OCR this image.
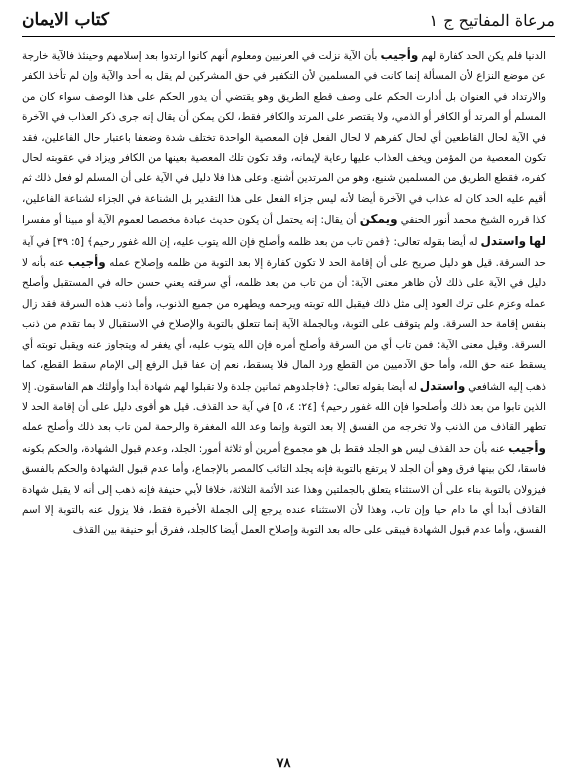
كتاب الايمان	مرعاة المفاتيح ج ١

الدنيا فلم يكن الحد كفارة لهم وأجيب بأن الآية نزلت في العرنيين ومعلوم أنهم كانوا ارتدوا بعد إسلامهم وحينئذ فالآية خارجة عن موضع النزاع لأن المسألة إنما كانت في المسلمين لأن التكفير في حق المشركين لم يقل به أحد والآية وإن لم تأخذ الكفر والارتداد في العنوان بل أدارت الحكم على وصف قطع الطريق وهو يقتضي أن يدور الحكم على هذا الوصف سواء كان من المسلم أو المرتد أو الكافر أو الذمي، ولا يقتصر على المرتد والكافر فقط، لكن يمكن أن يقال إنه جرى ذكر العذاب في الآخرة في الآية لحال القاطعين أي لحال كفرهم لا لحال الفعل فإن المعصية الواحدة تختلف شدة وضعفا باعتبار حال الفاعلين، فقد تكون المعصية من المؤمن ويخف العذاب عليها رعاية لإيمانه، وقد تكون تلك المعصية بعينها من الكافر ويزاد في عقوبته لحال كفره، فقطع الطريق من المسلمين شنيع، وهو من المرتدين أشنع. وعلى هذا فلا دليل في الآية على أن المسلم لو فعل ذلك ثم أقيم عليه الحد كان له عذاب في الآخرة أيضا لأنه ليس جزاء الفعل على هذا التقدير بل الشناعة في الجزاء لشناعة الفاعلين، كذا قرره الشيخ محمد أنور الحنفي ويمكن أن يقال: إنه يحتمل أن يكون حديث عبادة مخصصا لعموم الآية أو مبينا أو مفسرا لها واستدل له أيضا بقوله تعالى: ﴿فمن تاب من بعد ظلمه وأصلح فإن الله يتوب عليه، إن الله غفور رحيم﴾ [٥: ٣٩] في آية حد السرقة. قيل هو دليل صريح على أن إقامة الحد لا تكون كفارة إلا بعد التوبة من ظلمه وإصلاح عمله وأجيب عنه بأنه لا دليل في الآية على ذلك لأن ظاهر معنى الآية: أن من تاب من بعد ظلمه، أي سرقته يعني حسن حاله في المستقبل وأصلح عمله وعزم على ترك العود إلى مثل ذلك فيقبل الله توبته ويرحمه ويطهره من جميع الذنوب، وأما ذنب هذه السرقة فقد زال بنفس إقامة حد السرقة. ولم يتوقف على التوبة، وبالجملة الآية إنما تتعلق بالتوبة والإصلاح في الاستقبال لا بما تقدم من ذنب السرقة. وقيل معنى الآية: فمن تاب أي من السرقة وأصلح أمره فإن الله يتوب عليه، أي يغفر له ويتجاوز عنه ويقبل توبته أي يسقط عنه حق الله، وأما حق الآدميين من القطع ورد المال فلا يسقط، نعم إن عفا قبل الرفع إلى الإمام سقط القطع، كما ذهب إليه الشافعي واستدل له أيضا بقوله تعالى: ﴿فاجلدوهم ثمانين جلدة ولا تقبلوا لهم شهادة أبدا وأولئك هم الفاسقون. إلا الذين تابوا من بعد ذلك وأصلحوا فإن الله غفور رحيم﴾ [٢٤: ٤، ٥] في آية حد القذف. قيل هو أقوى دليل على أن إقامة الحد لا تطهر القاذف من الذنب ولا تخرجه من الفسق إلا بعد التوبة وإنما وعد الله المغفرة والرحمة لمن تاب بعد ذلك وأصلح عمله وأجيب عنه بأن حد القذف ليس هو الجلد فقط بل هو مجموع أمرين أو ثلاثة أمور: الجلد، وعدم قبول الشهادة، والحكم بكونه فاسقا، لكن بينها فرق وهو أن الجلد لا يرتفع بالتوبة فإنه يجلد التائب كالمصر بالإجماع، وأما عدم قبول الشهادة والحكم بالفسق فيزولان بالتوبة بناء على أن الاستثناء يتعلق بالجملتين وهذا عند الأئمة الثلاثة، خلافا لأبي حنيفة فإنه ذهب إلى أنه لا يقبل شهادة القاذف أبدا أي ما دام حيا وإن تاب، وهذا لأن الاستثناء عنده يرجع إلى الجملة الأخيرة فقط، فلا يزول عنه بالتوبة إلا اسم الفسق، وأما عدم قبول الشهادة فيبقى على حاله بعد التوبة وإصلاح العمل أيضا كالجلد، ففرق أبو حنيفة بين القذف

٧٨
